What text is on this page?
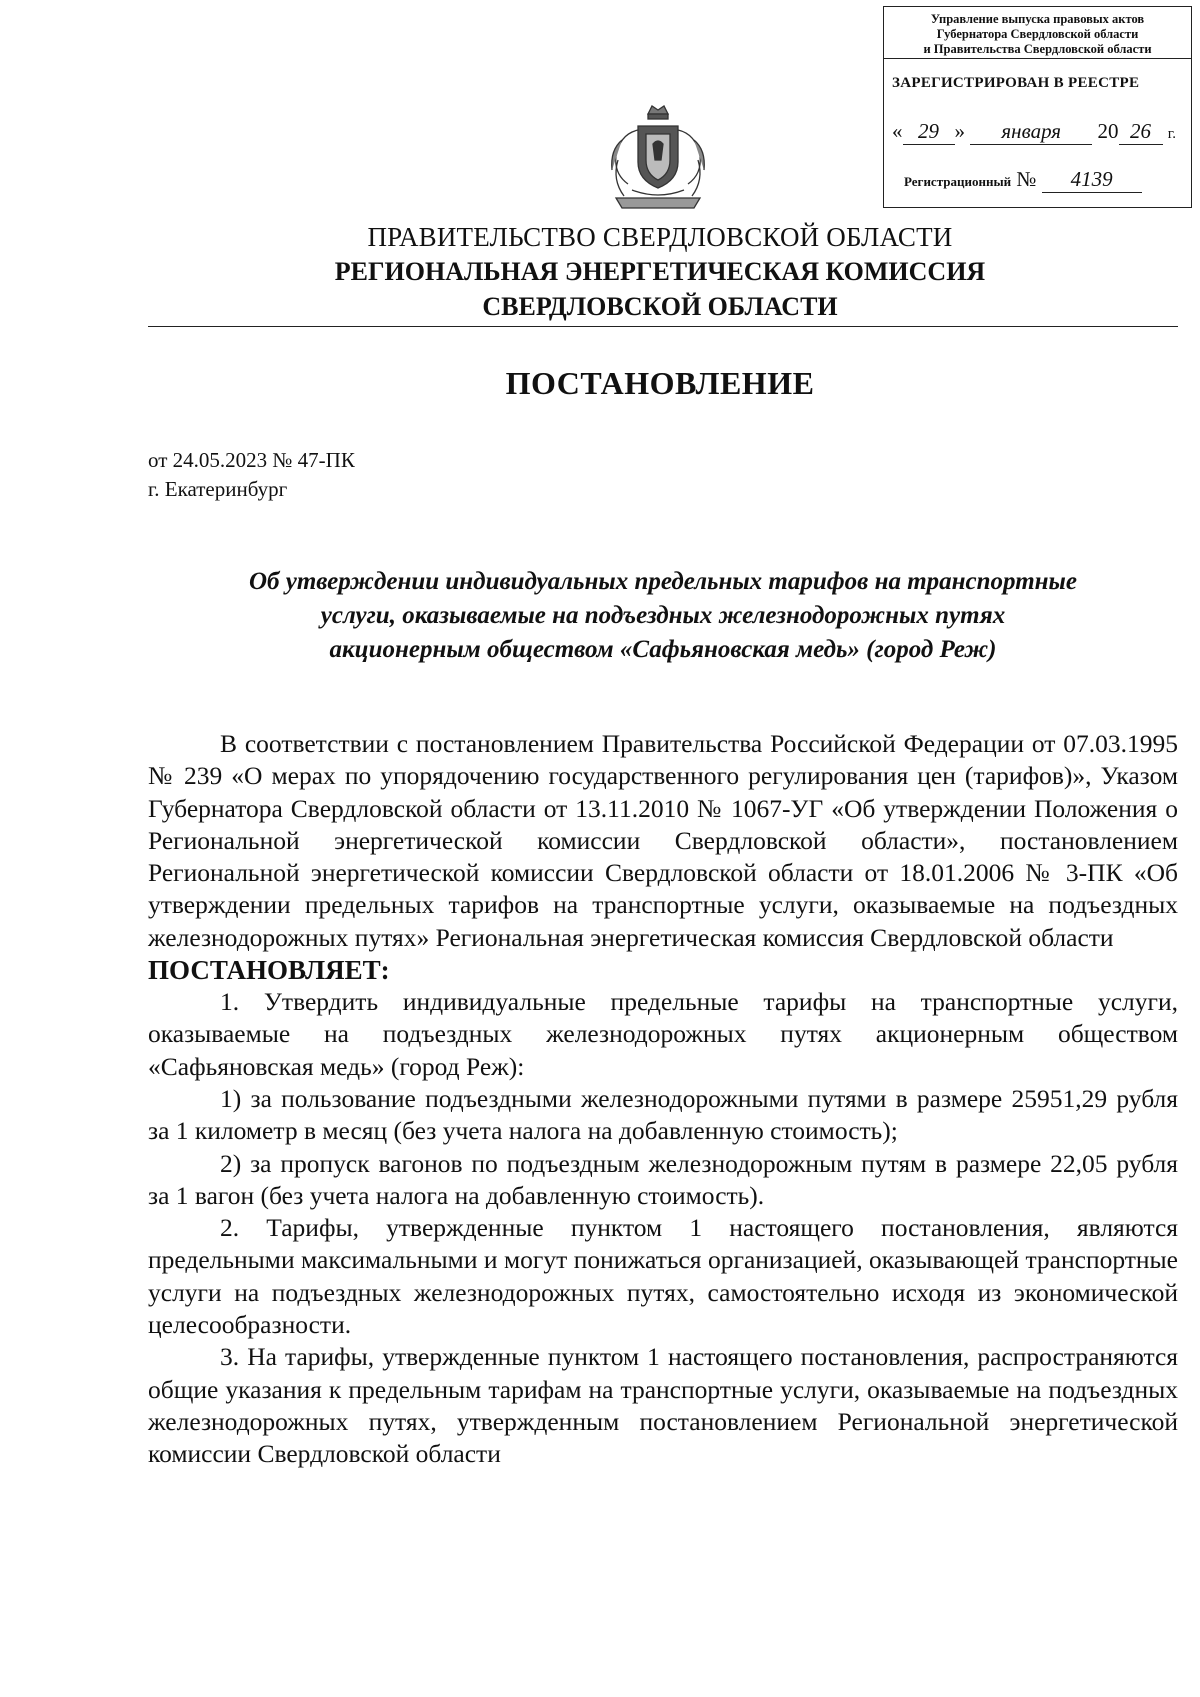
Управление выпуска правовых актов
Губернатора Свердловской области
и Правительства Свердловской области
ЗАРЕГИСТРИРОВАН В РЕЕСТРЕ
« 29 » января 20 26 г.
Регистрационный № 4139
ПРАВИТЕЛЬСТВО СВЕРДЛОВСКОЙ ОБЛАСТИ
РЕГИОНАЛЬНАЯ ЭНЕРГЕТИЧЕСКАЯ КОМИССИЯ
СВЕРДЛОВСКОЙ ОБЛАСТИ
ПОСТАНОВЛЕНИЕ
от 24.05.2023 № 47-ПК
г. Екатеринбург
Об утверждении индивидуальных предельных тарифов на транспортные
услуги, оказываемые на подъездных железнодорожных путях
акционерным обществом «Сафьяновская медь» (город Реж)

В соответствии с постановлением Правительства Российской Федерации от 07.03.1995 № 239 «О мерах по упорядочению государственного регулирования цен (тарифов)», Указом Губернатора Свердловской области от 13.11.2010 № 1067-УГ «Об утверждении Положения о Региональной энергетической комиссии Свердловской области», постановлением Региональной энергетической комиссии Свердловской области от 18.01.2006 № 3-ПК «Об утверждении предельных тарифов на транспортные услуги, оказываемые на подъездных железнодорожных путях» Региональная энергетическая комиссия Свердловской области

ПОСТАНОВЛЯЕТ:

1. Утвердить индивидуальные предельные тарифы на транспортные услуги, оказываемые на подъездных железнодорожных путях акционерным обществом «Сафьяновская медь» (город Реж):

1) за пользование подъездными железнодорожными путями в размере 25951,29 рубля за 1 километр в месяц (без учета налога на добавленную стоимость);

2) за пропуск вагонов по подъездным железнодорожным путям в размере 22,05 рубля за 1 вагон (без учета налога на добавленную стоимость).

2. Тарифы, утвержденные пунктом 1 настоящего постановления, являются предельными максимальными и могут понижаться организацией, оказывающей транспортные услуги на подъездных железнодорожных путях, самостоятельно исходя из экономической целесообразности.

3. На тарифы, утвержденные пунктом 1 настоящего постановления, распространяются общие указания к предельным тарифам на транспортные услуги, оказываемые на подъездных железнодорожных путях, утвержденным постановлением Региональной энергетической комиссии Свердловской области
